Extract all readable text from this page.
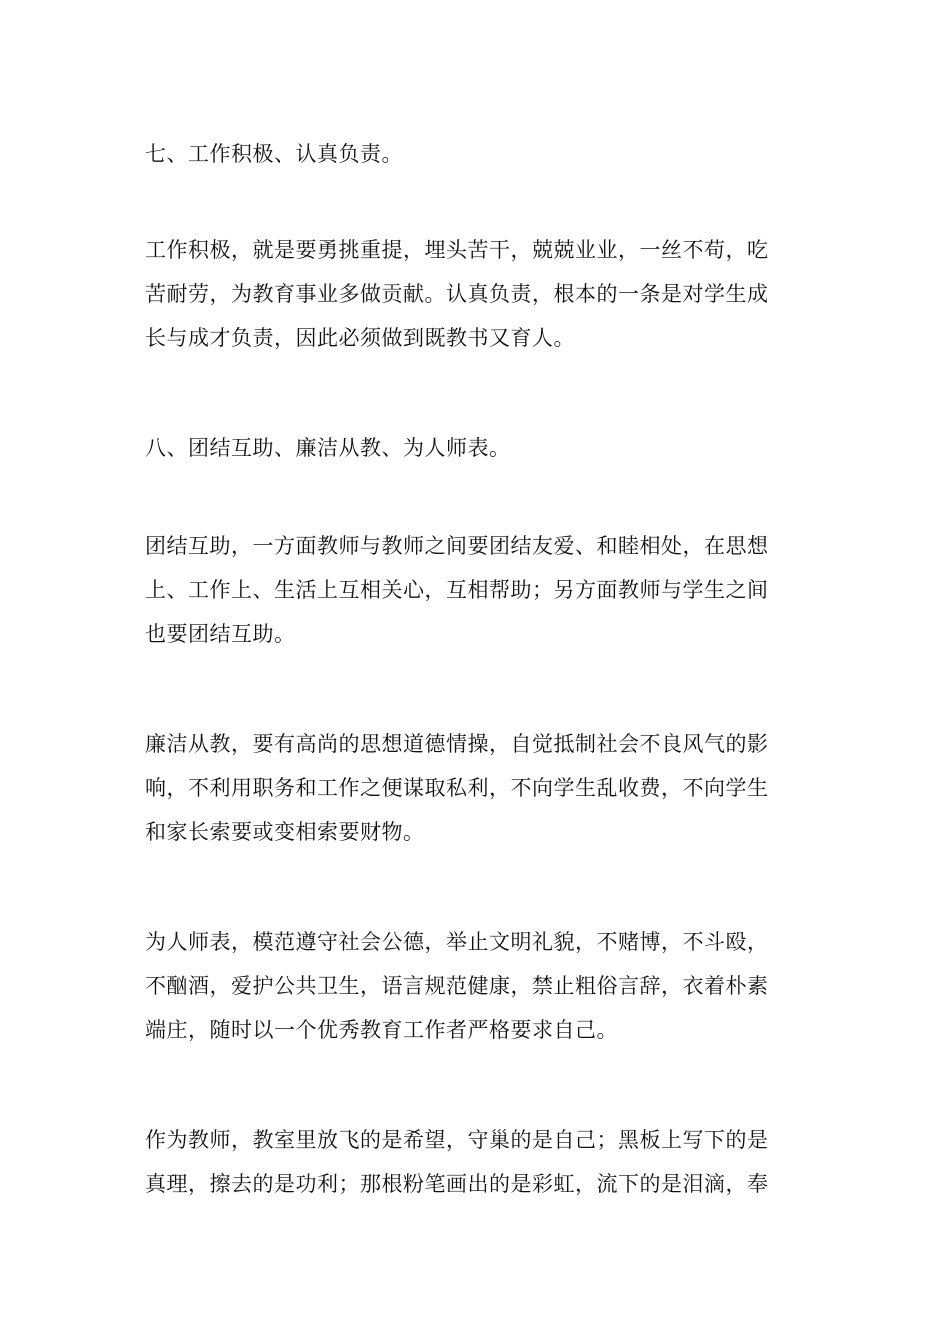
七、工作积极、认真负责。
工作积极，就是要勇挑重提，埋头苦干，兢兢业业，一丝不苟，吃
苦耐劳，为教育事业多做贡献。认真负责，根本的一条是对学生成
长与成才负责，因此必须做到既教书又育人。
八、团结互助、廉洁从教、为人师表。
团结互助，一方面教师与教师之间要团结友爱、和睦相处，在思想
上、工作上、生活上互相关心，互相帮助；另方面教师与学生之间
也要团结互助。
廉洁从教，要有高尚的思想道德情操，自觉抵制社会不良风气的影
响，不利用职务和工作之便谋取私利，不向学生乱收费，不向学生
和家长索要或变相索要财物。
为人师表，模范遵守社会公德，举止文明礼貌，不赌博，不斗殴，
不酗酒，爱护公共卫生，语言规范健康，禁止粗俗言辞，衣着朴素
端庄，随时以一个优秀教育工作者严格要求自己。
作为教师，教室里放飞的是希望，守巢的是自己；黑板上写下的是
真理，擦去的是功利；那根粉笔画出的是彩虹，流下的是泪滴，奉
